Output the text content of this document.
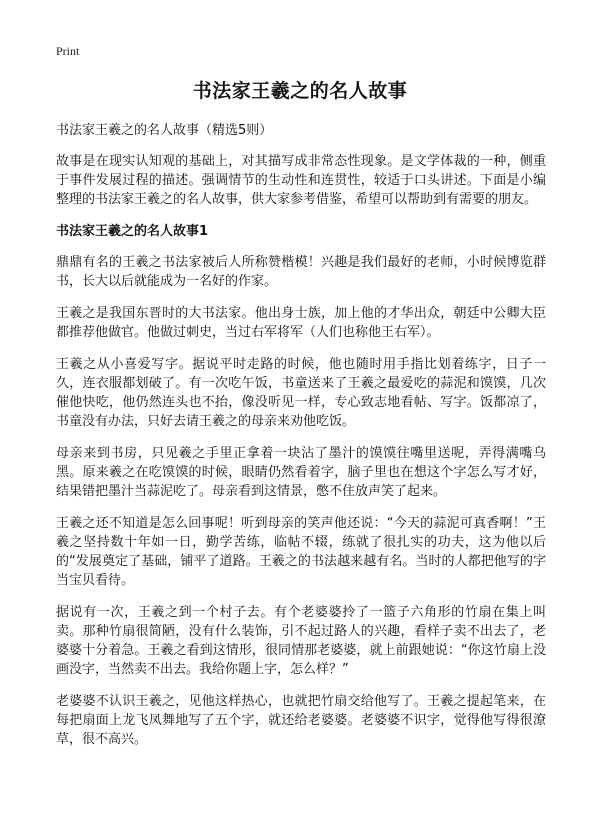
Print
书法家王羲之的名人故事

书法家王羲之的名人故事（精选5则）

故事是在现实认知观的基础上，对其描写成非常态性现象。是文学体裁的一种，侧重于事件发展过程的描述。强调情节的生动性和连贯性，较适于口头讲述。下面是小编整理的书法家王羲之的名人故事，供大家参考借鉴，希望可以帮助到有需要的朋友。

书法家王羲之的名人故事1

鼎鼎有名的王羲之书法家被后人所称赞楷模！兴趣是我们最好的老师，小时候博览群书，长大以后就能成为一名好的作家。

王羲之是我国东晋时的大书法家。他出身士族，加上他的才华出众，朝廷中公卿大臣都推荐他做官。他做过刺史，当过右军将军（人们也称他王右军）。

王羲之从小喜爱写字。据说平时走路的时候，他也随时用手指比划着练字，日子一久，连衣服都划破了。有一次吃午饭，书童送来了王羲之最爱吃的蒜泥和馍馍，几次催他快吃，他仍然连头也不抬，像没听见一样，专心致志地看帖、写字。饭都凉了，书童没有办法，只好去请王羲之的母亲来劝他吃饭。

母亲来到书房，只见羲之手里正拿着一块沾了墨汁的馍馍往嘴里送呢，弄得满嘴乌黑。原来羲之在吃馍馍的时候，眼睛仍然看着字，脑子里也在想这个字怎么写才好，结果错把墨汁当蒜泥吃了。母亲看到这情景，憋不住放声笑了起来。

王羲之还不知道是怎么回事呢！听到母亲的笑声他还说：“今天的蒜泥可真香啊！”王羲之坚持数十年如一日，勤学苦练，临帖不辍，练就了很扎实的功夫，这为他以后的“发展奠定了基础，铺平了道路。王羲之的书法越来越有名。当时的人都把他写的字当宝贝看待。

据说有一次，王羲之到一个村子去。有个老婆婆拎了一篮子六角形的竹扇在集上叫卖。那种竹扇很简陋，没有什么装饰，引不起过路人的兴趣，看样子卖不出去了，老婆婆十分着急。王羲之看到这情形，很同情那老婆婆，就上前跟她说：“你这竹扇上没画没字，当然卖不出去。我给你题上字，怎么样？”

老婆婆不认识王羲之，见他这样热心，也就把竹扇交给他写了。王羲之提起笔来，在每把扇面上龙飞凤舞地写了五个字，就还给老婆婆。老婆婆不识字，觉得他写得很潦草，很不高兴。
